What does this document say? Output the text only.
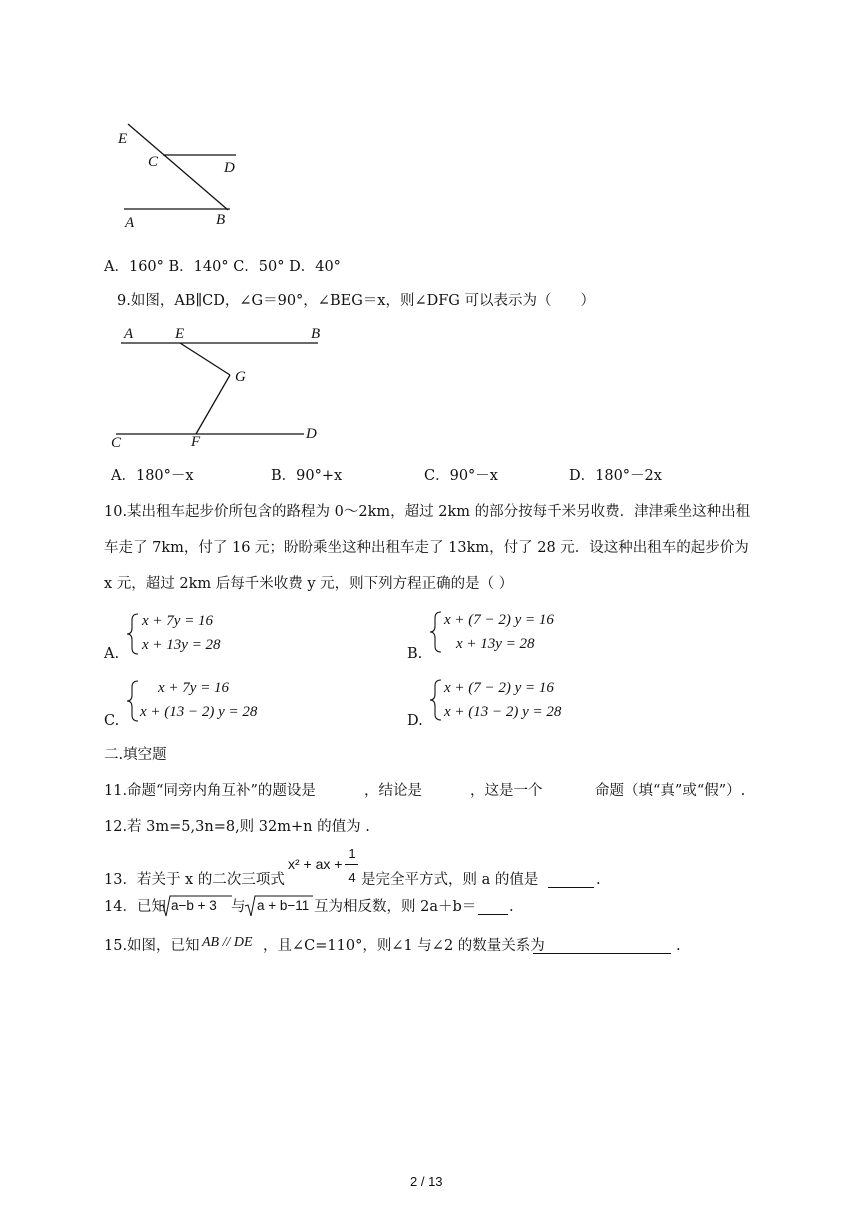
E
C	D
A	B
A．160° B．140° C．50° D．40°
9.如图，AB∥CD，∠G＝90°，∠BEG＝x，则∠DFG 可以表示为（　　）
A	E	B
G
C	F	D
A．180°－x	B．90°+x	C．90°－x	D．180°－2x
10.某出租车起步价所包含的路程为 0～2km，超过 2km 的部分按每千米另收费．津津乘坐这种出租
车走了 7km，付了 16 元；盼盼乘坐这种出租车走了 13km，付了 28 元．设这种出租车的起步价为
x 元，超过 2km 后每千米收费 y 元，则下列方程正确的是（ ）
A.
x + 7y = 16
x + 13y = 28
B.
x + (7 − 2) y = 16
x + 13y = 28
C.
x + 7y = 16
x + (13 − 2) y = 28
D.
x + (7 − 2) y = 16
x + (13 − 2) y = 28
二.填空题
11.命题“同旁内角互补”的题设是	，结论是	，这是一个	命题（填“真”或“假”）.
12.若 3m=5,3n=8,则 32m+n 的值为 .
13．若关于 x 的二次三项式
x² + ax +
1
4 是完全平方式，则 a 的值是	.
14．已知 a−b + 3 与 a + b−11 互为相反数，则 2a＋b＝ .
15.如图，已知 AB // DE ，且∠C=110°，则∠1 与∠2 的数量关系为	.
2 / 13
